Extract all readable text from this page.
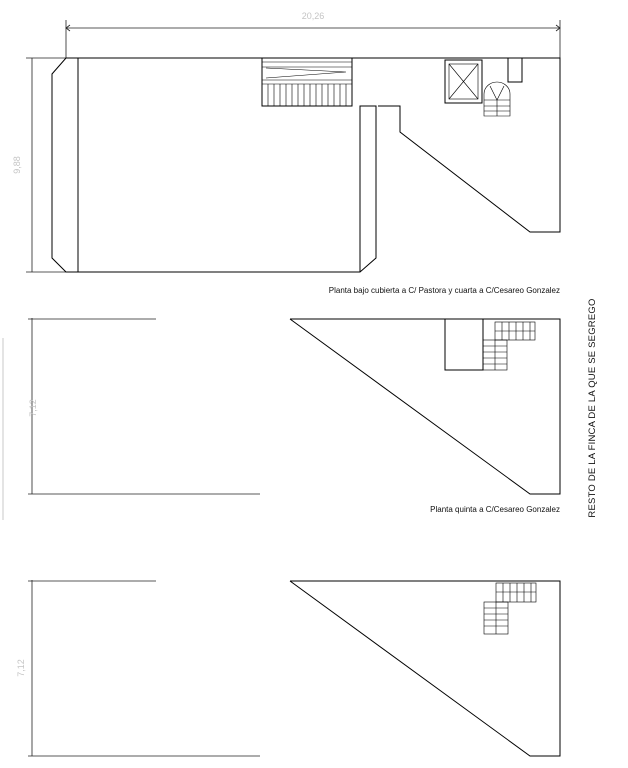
20,26
9,88
Planta bajo cubierta a C/ Pastora y cuarta a C/Cesareo Gonzalez
7,12
Planta quinta a C/Cesareo Gonzalez
7,12
RESTO DE LA FINCA DE LA QUE SE SEGREGO
